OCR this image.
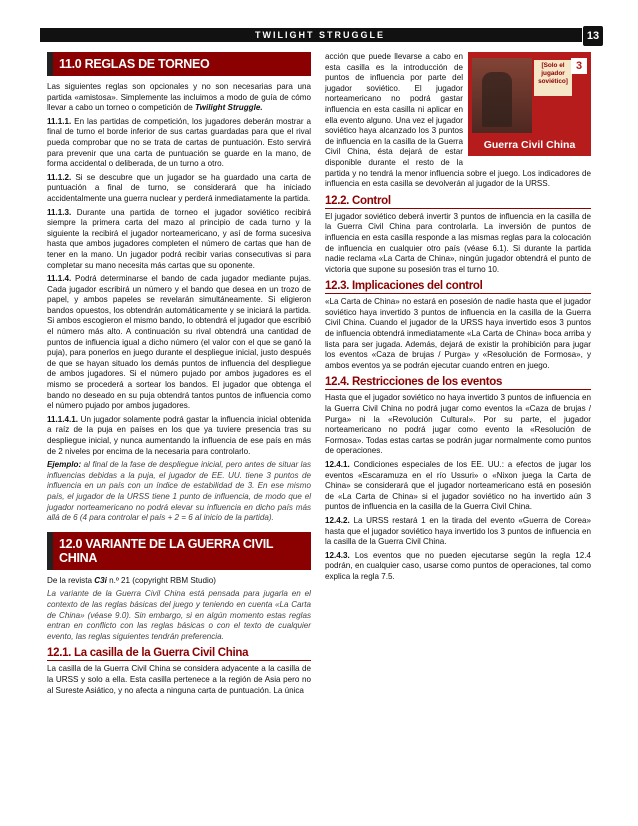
TWILIGHT STRUGGLE	13
11.0 REGLAS DE TORNEO

Las siguientes reglas son opcionales y no son necesarias para una partida «amistosa». Simplemente las incluimos a modo de guía de cómo llevar a cabo un torneo o competición de Twilight Struggle.

11.1.1. En las partidas de competición, los jugadores deberán mostrar a final de turno el borde inferior de sus cartas guardadas para que el rival pueda comprobar que no se trata de cartas de puntuación. Esto servirá para prevenir que una carta de puntuación se guarde en la mano, de forma accidental o deliberada, de un turno a otro.

11.1.2. Si se descubre que un jugador se ha guardado una carta de puntuación a final de turno, se considerará que ha iniciado accidentalmente una guerra nuclear y perderá inmediatamente la partida.

11.1.3. Durante una partida de torneo el jugador soviético recibirá siempre la primera carta del mazo al principio de cada turno y la siguiente la recibirá el jugador norteamericano, y así de forma sucesiva hasta que ambos jugadores completen el número de cartas que han de tener en la mano. Un jugador podrá recibir varias consecutivas si para completar su mano necesita más cartas que su oponente.

11.1.4. Podrá determinarse el bando de cada jugador mediante pujas. Cada jugador escribirá un número y el bando que desea en un trozo de papel, y ambos papeles se revelarán simultáneamente. Si eligieron bandos opuestos, los obtendrán automáticamente y se iniciará la partida. Si ambos escogieron el mismo bando, lo obtendrá el jugador que escribió el número más alto. A continuación su rival obtendrá una cantidad de puntos de influencia igual a dicho número (el valor con el que se ganó la puja), para ponerlos en juego durante el despliegue inicial, justo después de que se hayan situado los demás puntos de influencia del despliegue de ambos jugadores. Si el número pujado por ambos jugadores es el mismo se procederá a sortear los bandos. El jugador que obtenga el bando no deseado en su puja obtendrá tantos puntos de influencia como el número pujado por ambos jugadores.

11.1.4.1. Un jugador solamente podrá gastar la influencia inicial obtenida a raíz de la puja en países en los que ya tuviere presencia tras su despliegue inicial, y nunca aumentando la influencia de ese país en más de 2 niveles por encima de la necesaria para controlarlo.

Ejemplo: al final de la fase de despliegue inicial, pero antes de situar las influencias debidas a la puja, el jugador de EE. UU. tiene 3 puntos de influencia en un país con un índice de estabilidad de 3. En ese mismo país, el jugador de la URSS tiene 1 punto de influencia, de modo que el jugador norteamericano no podrá elevar su influencia en dicho país más allá de 6 (4 para controlar el país + 2 = 6 al inicio de la partida).

12.0 VARIANTE DE LA GUERRA CIVIL CHINA

De la revista C3i n.º 21 (copyright RBM Studio)

La variante de la Guerra Civil China está pensada para jugarla en el contexto de las reglas básicas del juego y teniendo en cuenta «La Carta de China» (véase 9.0). Sin embargo, si en algún momento estas reglas entran en conflicto con las reglas básicas o con el texto de cualquier evento, las reglas siguientes tendrán preferencia.

12.1. La casilla de la Guerra Civil China

La casilla de la Guerra Civil China se considera adyacente a la casilla de la URSS y solo a ella. Esta casilla pertenece a la región de Asia pero no al Sureste Asiático, y no afecta a ninguna carta de puntuación. La única

[Solo el jugador soviético]
3
Guerra Civil China

acción que puede llevarse a cabo en esta casilla es la introducción de puntos de influencia por parte del jugador soviético. El jugador norteamericano no podrá gastar influencia en esta casilla ni aplicar en ella evento alguno. Una vez el jugador soviético haya alcanzado los 3 puntos de influencia en la casilla de la Guerra Civil China, ésta dejará de estar disponible durante el resto de la partida y no tendrá la menor influencia sobre el juego. Los indicadores de influencia en esta casilla se devolverán al jugador de la URSS.

12.2. Control

El jugador soviético deberá invertir 3 puntos de influencia en la casilla de la Guerra Civil China para controlarla. La inversión de puntos de influencia en esta casilla responde a las mismas reglas para la colocación de influencia en cualquier otro país (véase 6.1). Si durante la partida nadie reclama «La Carta de China», ningún jugador obtendrá el punto de victoria que supone su posesión tras el turno 10.

12.3. Implicaciones del control

«La Carta de China» no estará en posesión de nadie hasta que el jugador soviético haya invertido 3 puntos de influencia en la casilla de la Guerra Civil China. Cuando el jugador de la URSS haya invertido esos 3 puntos de influencia obtendrá inmediatamente «La Carta de China» boca arriba y lista para ser jugada. Además, dejará de existir la prohibición para jugar los eventos «Caza de brujas / Purga» y «Resolución de Formosa», y ambos eventos ya se podrán ejecutar cuando entren en juego.

12.4. Restricciones de los eventos

Hasta que el jugador soviético no haya invertido 3 puntos de influencia en la Guerra Civil China no podrá jugar como eventos la «Caza de brujas / Purga» ni la «Revolución Cultural». Por su parte, el jugador norteamericano no podrá jugar como evento la «Resolución de Formosa». Todas estas cartas se podrán jugar normalmente como puntos de operaciones.

12.4.1. Condiciones especiales de los EE. UU.: a efectos de jugar los eventos «Escaramuza en el río Ussuri» o «Nixon juega la Carta de China» se considerará que el jugador norteamericano está en posesión de «La Carta de China» si el jugador soviético no ha invertido aún 3 puntos de influencia en la casilla de la Guerra Civil China.

12.4.2. La URSS restará 1 en la tirada del evento «Guerra de Corea» hasta que el jugador soviético haya invertido los 3 puntos de influencia en la casilla de la Guerra Civil China.

12.4.3. Los eventos que no pueden ejecutarse según la regla 12.4 podrán, en cualquier caso, usarse como puntos de operaciones, tal como explica la regla 7.5.
